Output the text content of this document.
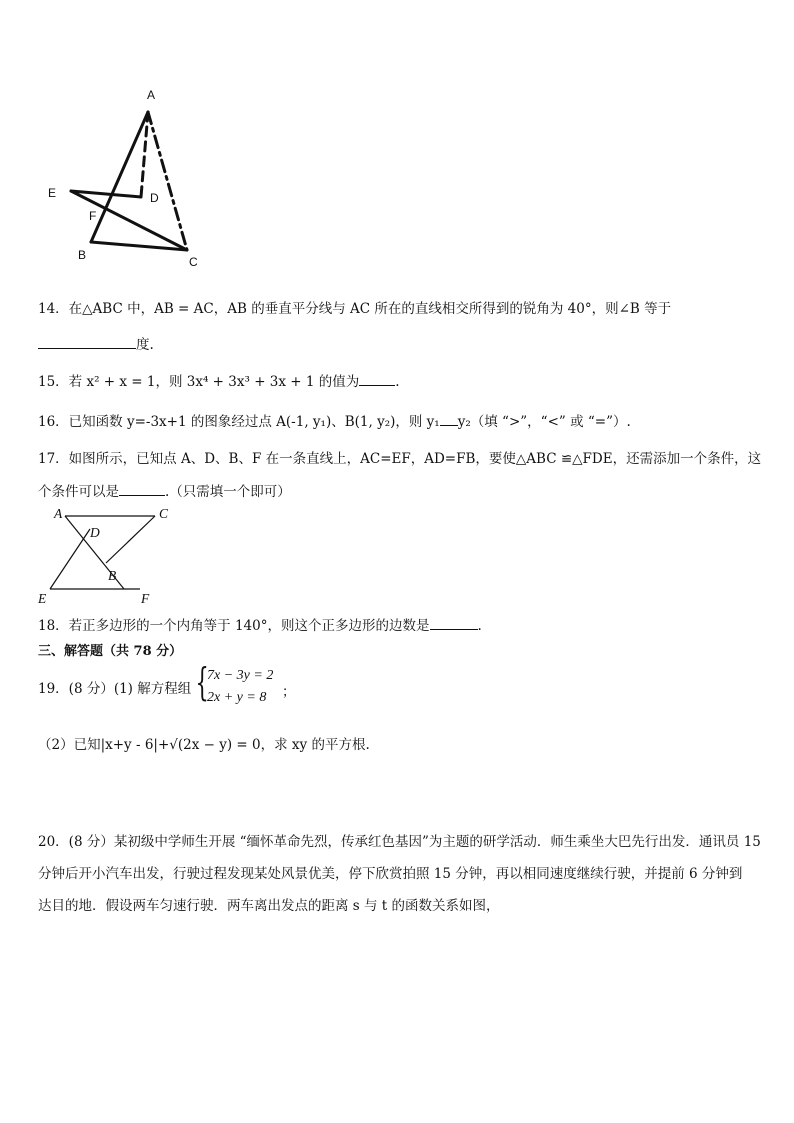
A
E	D
F
B	C
14．在△ABC 中，AB = AC，AB 的垂直平分线与 AC 所在的直线相交所得到的锐角为 40°，则∠B 等于
度.
15．若 x² + x = 1，则 3x⁴ + 3x³ + 3x + 1 的值为	.
16．已知函数 y=-3x+1 的图象经过点 A(-1, y₁)、B(1, y₂)，则 y₁ y₂（填 “>”，“<” 或 “=”）.
17．如图所示，已知点 A、D、B、F 在一条直线上，AC=EF，AD=FB，要使△ABC ≌△FDE，还需添加一个条件，这
个条件可以是	.（只需填一个即可）
A	C
D
B
E	F
18．若正多边形的一个内角等于 140°，则这个正多边形的边数是	.
三、解答题（共 78 分）
19．(8 分）(1) 解方程组 {
7x − 3y = 2
2x + y = 8 ；
（2）已知|x+y - 6|+√(2x − y) = 0，求 xy 的平方根.
20．(8 分）某初级中学师生开展 “缅怀革命先烈，传承红色基因”为主题的研学活动．师生乘坐大巴先行出发．通讯员 15
分钟后开小汽车出发，行驶过程发现某处风景优美，停下欣赏拍照 15 分钟，再以相同速度继续行驶，并提前 6 分钟到
达目的地．假设两车匀速行驶．两车离出发点的距离 s 与 t 的函数关系如图，
